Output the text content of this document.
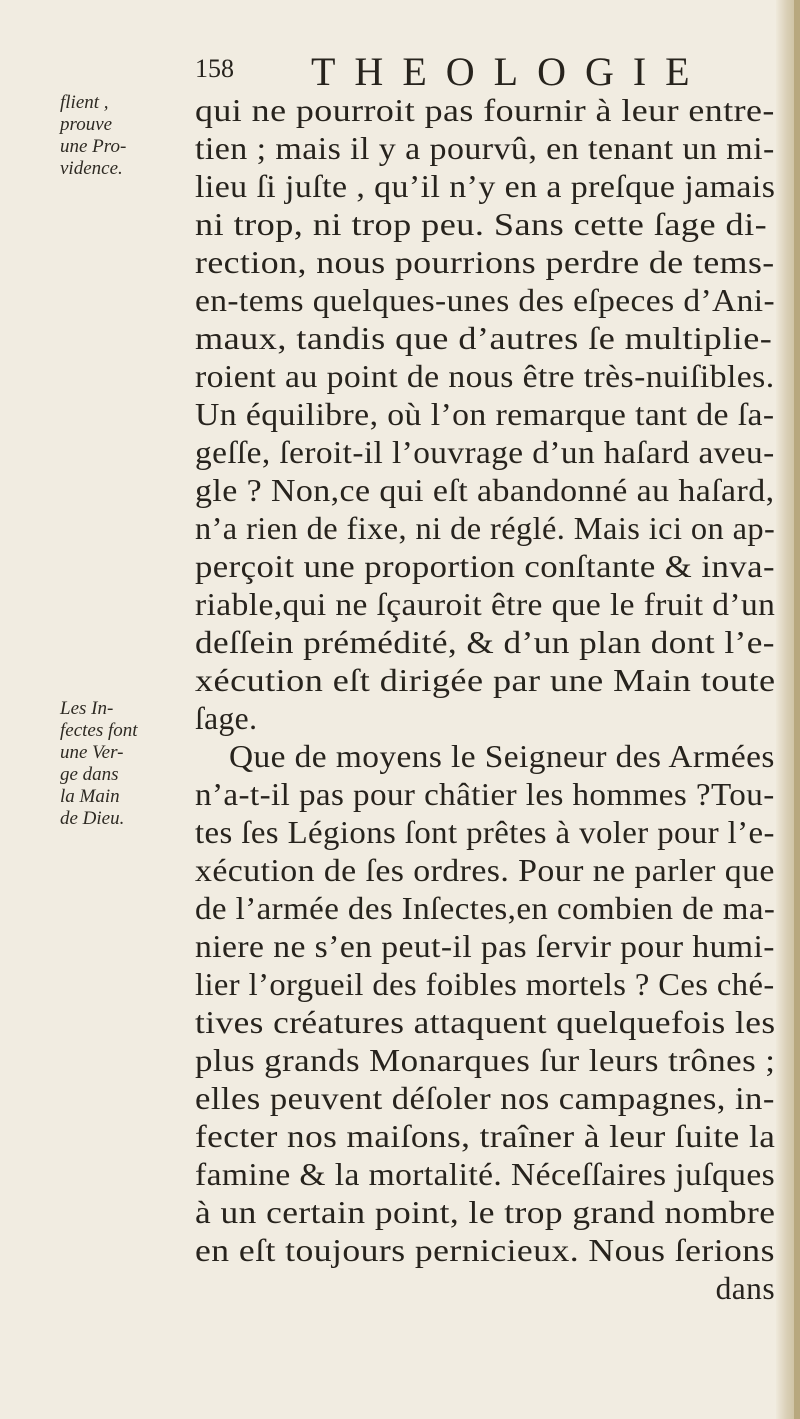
158 THEOLOGIE
flient ,
prouve
une Pro-
vidence.
Les In-
fectes font
une Ver-
ge dans
la Main
de Dieu.
qui ne pourroit pas fournir à leur entre-
tien ; mais il y a pourvû, en tenant un mi-
lieu ſi juſte , qu’il n’y en a preſque jamais
ni trop, ni trop peu. Sans cette ſage di-
rection, nous pourrions perdre de tems-
en-tems quelques-unes des eſpeces d’Ani-
maux, tandis que d’autres ſe multiplie-
roient au point de nous être très-nuiſibles.
Un équilibre, où l’on remarque tant de ſa-
geſſe, ſeroit-il l’ouvrage d’un haſard aveu-
gle ? Non,ce qui eſt abandonné au haſard,
n’a rien de fixe, ni de réglé. Mais ici on ap-
perçoit une proportion conſtante & inva-
riable,qui ne ſçauroit être que le fruit d’un
deſſein prémédité, & d’un plan dont l’e-
xécution eſt dirigée par une Main toute
ſage.
Que de moyens le Seigneur des Armées
n’a-t-il pas pour châtier les hommes ?Tou-
tes ſes Légions ſont prêtes à voler pour l’e-
xécution de ſes ordres. Pour ne parler que
de l’armée des Inſectes,en combien de ma-
niere ne s’en peut-il pas ſervir pour humi-
lier l’orgueil des foibles mortels ? Ces ché-
tives créatures attaquent quelquefois les
plus grands Monarques ſur leurs trônes ;
elles peuvent déſoler nos campagnes, in-
fecter nos maiſons, traîner à leur ſuite la
famine & la mortalité. Néceſſaires juſques
à un certain point, le trop grand nombre
en eſt toujours pernicieux. Nous ſerions
dans
